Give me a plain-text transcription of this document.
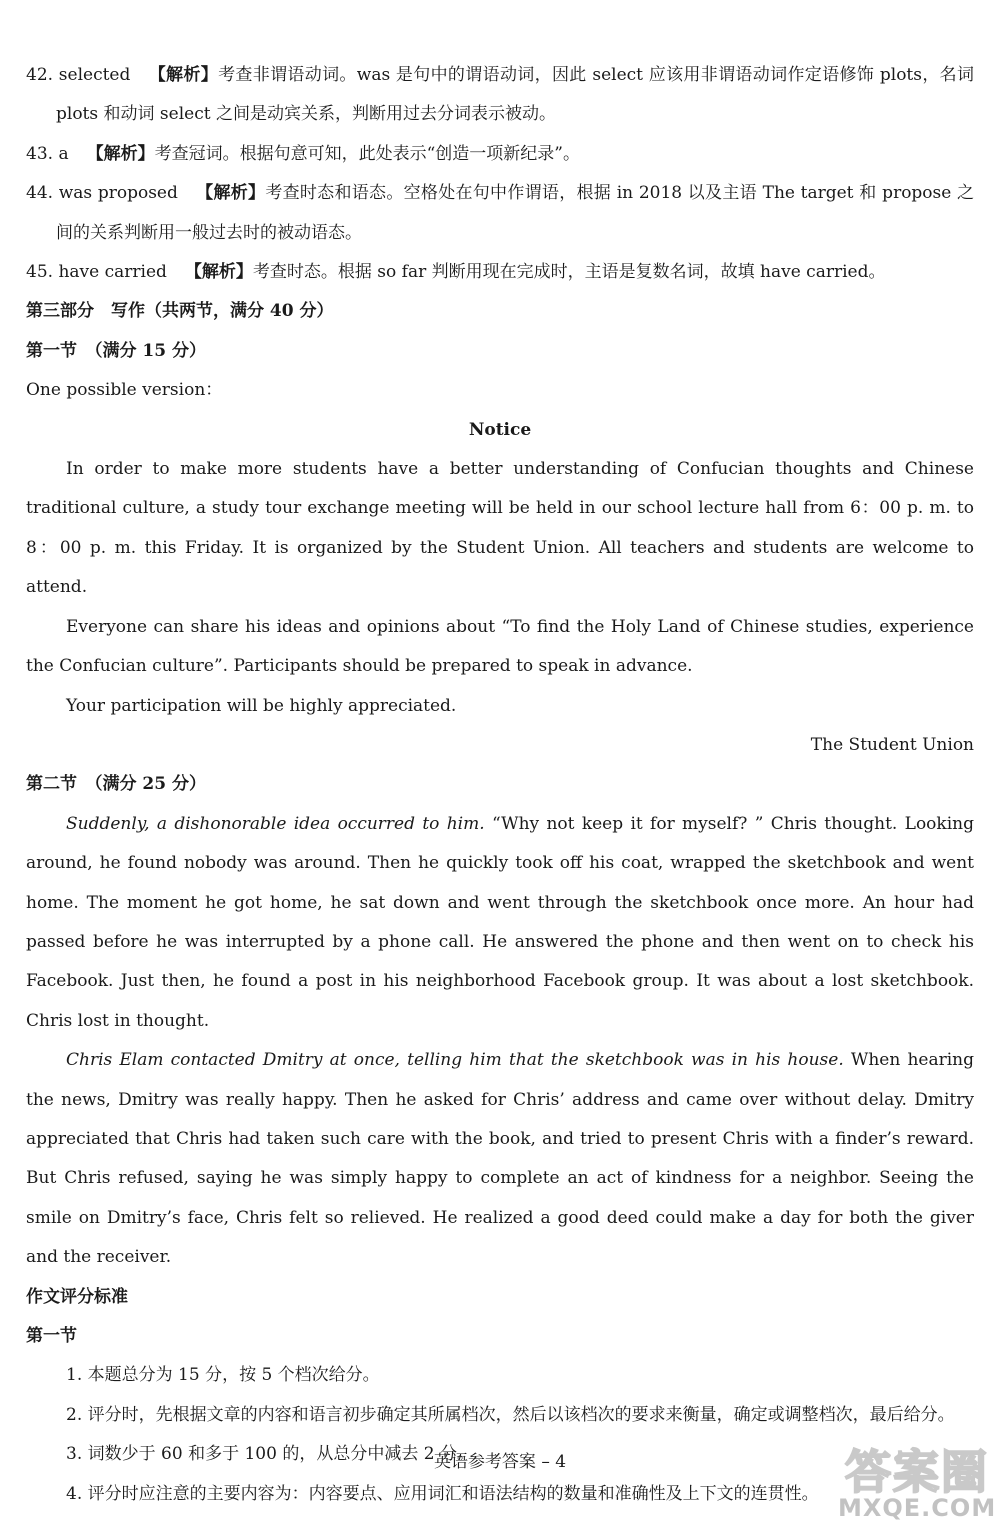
42. selected 【解析】考查非谓语动词。was 是句中的谓语动词，因此 select 应该用非谓语动词作定语修饰 plots，名词 plots 和动词 select 之间是动宾关系，判断用过去分词表示被动。

43. a 【解析】考查冠词。根据句意可知，此处表示“创造一项新纪录”。

44. was proposed 【解析】考查时态和语态。空格处在句中作谓语，根据 in 2018 以及主语 The target 和 propose 之间的关系判断用一般过去时的被动语态。

45. have carried 【解析】考查时态。根据 so far 判断用现在完成时，主语是复数名词，故填 have carried。

第三部分　写作（共两节，满分 40 分）

第一节　（满分 15 分）

One possible version：

Notice

In order to make more students have a better understanding of Confucian thoughts and Chinese traditional culture, a study tour exchange meeting will be held in our school lecture hall from 6：00 p. m. to 8：00 p. m. this Friday. It is organized by the Student Union. All teachers and students are welcome to attend.

Everyone can share his ideas and opinions about “To find the Holy Land of Chinese studies, experience the Confucian culture”. Participants should be prepared to speak in advance.

Your participation will be highly appreciated.

The Student Union

第二节　（满分 25 分）

Suddenly, a dishonorable idea occurred to him. “Why not keep it for myself? ” Chris thought. Looking around, he found nobody was around. Then he quickly took off his coat, wrapped the sketchbook and went home. The moment he got home, he sat down and went through the sketchbook once more. An hour had passed before he was interrupted by a phone call. He answered the phone and then went on to check his Facebook. Just then, he found a post in his neighborhood Facebook group. It was about a lost sketchbook. Chris lost in thought.

Chris Elam contacted Dmitry at once, telling him that the sketchbook was in his house. When hearing the news, Dmitry was really happy. Then he asked for Chris’ address and came over without delay. Dmitry appreciated that Chris had taken such care with the book, and tried to present Chris with a finder’s reward. But Chris refused, saying he was simply happy to complete an act of kindness for a neighbor. Seeing the smile on Dmitry’s face, Chris felt so relieved. He realized a good deed could make a day for both the giver and the receiver.

作文评分标准

第一节

1. 本题总分为 15 分，按 5 个档次给分。

2. 评分时，先根据文章的内容和语言初步确定其所属档次，然后以该档次的要求来衡量，确定或调整档次，最后给分。

3. 词数少于 60 和多于 100 的，从总分中减去 2 分。

4. 评分时应注意的主要内容为：内容要点、应用词汇和语法结构的数量和准确性及上下文的连贯性。

英语参考答案 – 4	答案圈
MXQE.COM
